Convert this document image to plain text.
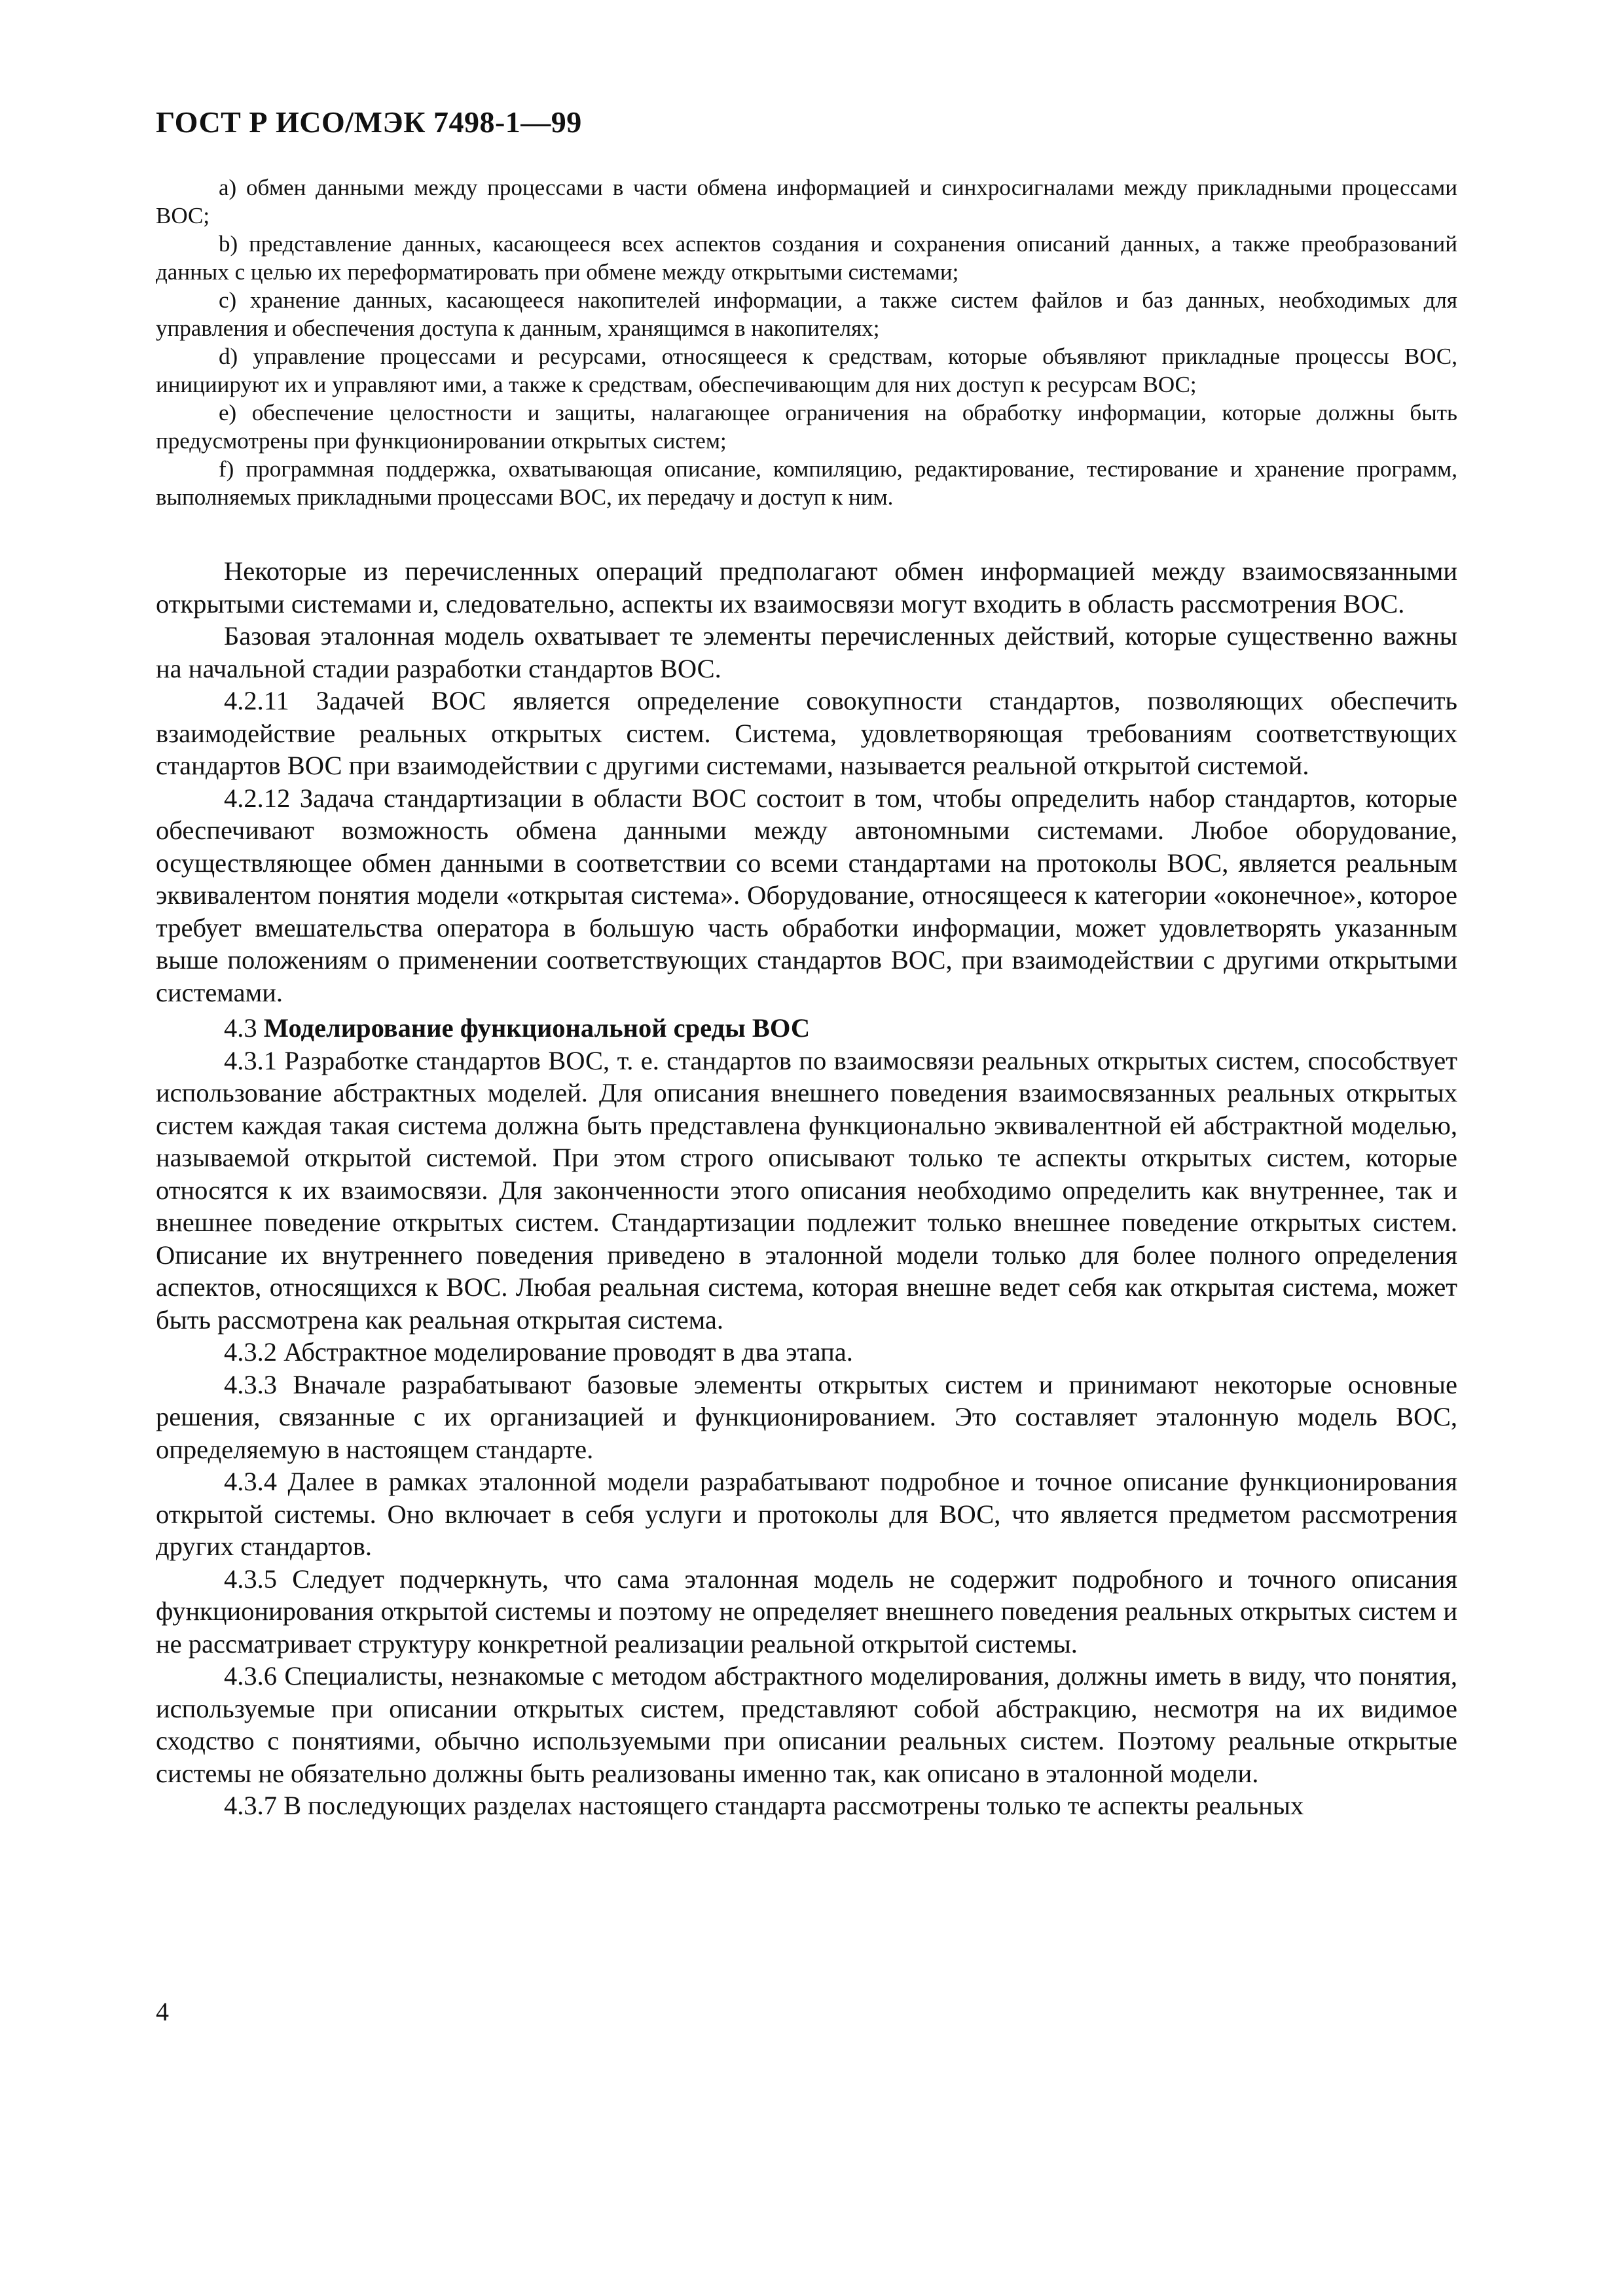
ГОСТ Р ИСО/МЭК 7498-1—99

a) обмен данными между процессами в части обмена информацией и синхросигналами между прикладными процессами ВОС;

b) представление данных, касающееся всех аспектов создания и сохранения описаний данных, а также преобразований данных с целью их переформатировать при обмене между открытыми системами;

c) хранение данных, касающееся накопителей информации, а также систем файлов и баз данных, необходимых для управления и обеспечения доступа к данным, хранящимся в накопителях;

d) управление процессами и ресурсами, относящееся к средствам, которые объявляют прикладные процессы ВОС, инициируют их и управляют ими, а также к средствам, обеспечивающим для них доступ к ресурсам ВОС;

e) обеспечение целостности и защиты, налагающее ограничения на обработку информации, которые должны быть предусмотрены при функционировании открытых систем;

f) программная поддержка, охватывающая описание, компиляцию, редактирование, тестирование и хранение программ, выполняемых прикладными процессами ВОС, их передачу и доступ к ним.

Некоторые из перечисленных операций предполагают обмен информацией между взаимосвязанными открытыми системами и, следовательно, аспекты их взаимосвязи могут входить в область рассмотрения ВОС.

Базовая эталонная модель охватывает те элементы перечисленных действий, которые существенно важны на начальной стадии разработки стандартов ВОС.

4.2.11 Задачей ВОС является определение совокупности стандартов, позволяющих обеспечить взаимодействие реальных открытых систем. Система, удовлетворяющая требованиям соответствующих стандартов ВОС при взаимодействии с другими системами, называется реальной открытой системой.

4.2.12 Задача стандартизации в области ВОС состоит в том, чтобы определить набор стандартов, которые обеспечивают возможность обмена данными между автономными системами. Любое оборудование, осуществляющее обмен данными в соответствии со всеми стандартами на протоколы ВОС, является реальным эквивалентом понятия модели «открытая система». Оборудование, относящееся к категории «оконечное», которое требует вмешательства оператора в большую часть обработки информации, может удовлетворять указанным выше положениям о применении соответствующих стандартов ВОС, при взаимодействии с другими открытыми системами.

4.3 Моделирование функциональной среды ВОС

4.3.1 Разработке стандартов ВОС, т. е. стандартов по взаимосвязи реальных открытых систем, способствует использование абстрактных моделей. Для описания внешнего поведения взаимосвязанных реальных открытых систем каждая такая система должна быть представлена функционально эквивалентной ей абстрактной моделью, называемой открытой системой. При этом строго описывают только те аспекты открытых систем, которые относятся к их взаимосвязи. Для законченности этого описания необходимо определить как внутреннее, так и внешнее поведение открытых систем. Стандартизации подлежит только внешнее поведение открытых систем. Описание их внутреннего поведения приведено в эталонной модели только для более полного определения аспектов, относящихся к ВОС. Любая реальная система, которая внешне ведет себя как открытая система, может быть рассмотрена как реальная открытая система.

4.3.2 Абстрактное моделирование проводят в два этапа.

4.3.3 Вначале разрабатывают базовые элементы открытых систем и принимают некоторые основные решения, связанные с их организацией и функционированием. Это составляет эталонную модель ВОС, определяемую в настоящем стандарте.

4.3.4 Далее в рамках эталонной модели разрабатывают подробное и точное описание функционирования открытой системы. Оно включает в себя услуги и протоколы для ВОС, что является предметом рассмотрения других стандартов.

4.3.5 Следует подчеркнуть, что сама эталонная модель не содержит подробного и точного описания функционирования открытой системы и поэтому не определяет внешнего поведения реальных открытых систем и не рассматривает структуру конкретной реализации реальной открытой системы.

4.3.6 Специалисты, незнакомые с методом абстрактного моделирования, должны иметь в виду, что понятия, используемые при описании открытых систем, представляют собой абстракцию, несмотря на их видимое сходство с понятиями, обычно используемыми при описании реальных систем. Поэтому реальные открытые системы не обязательно должны быть реализованы именно так, как описано в эталонной модели.

4.3.7 В последующих разделах настоящего стандарта рассмотрены только те аспекты реальных

4
